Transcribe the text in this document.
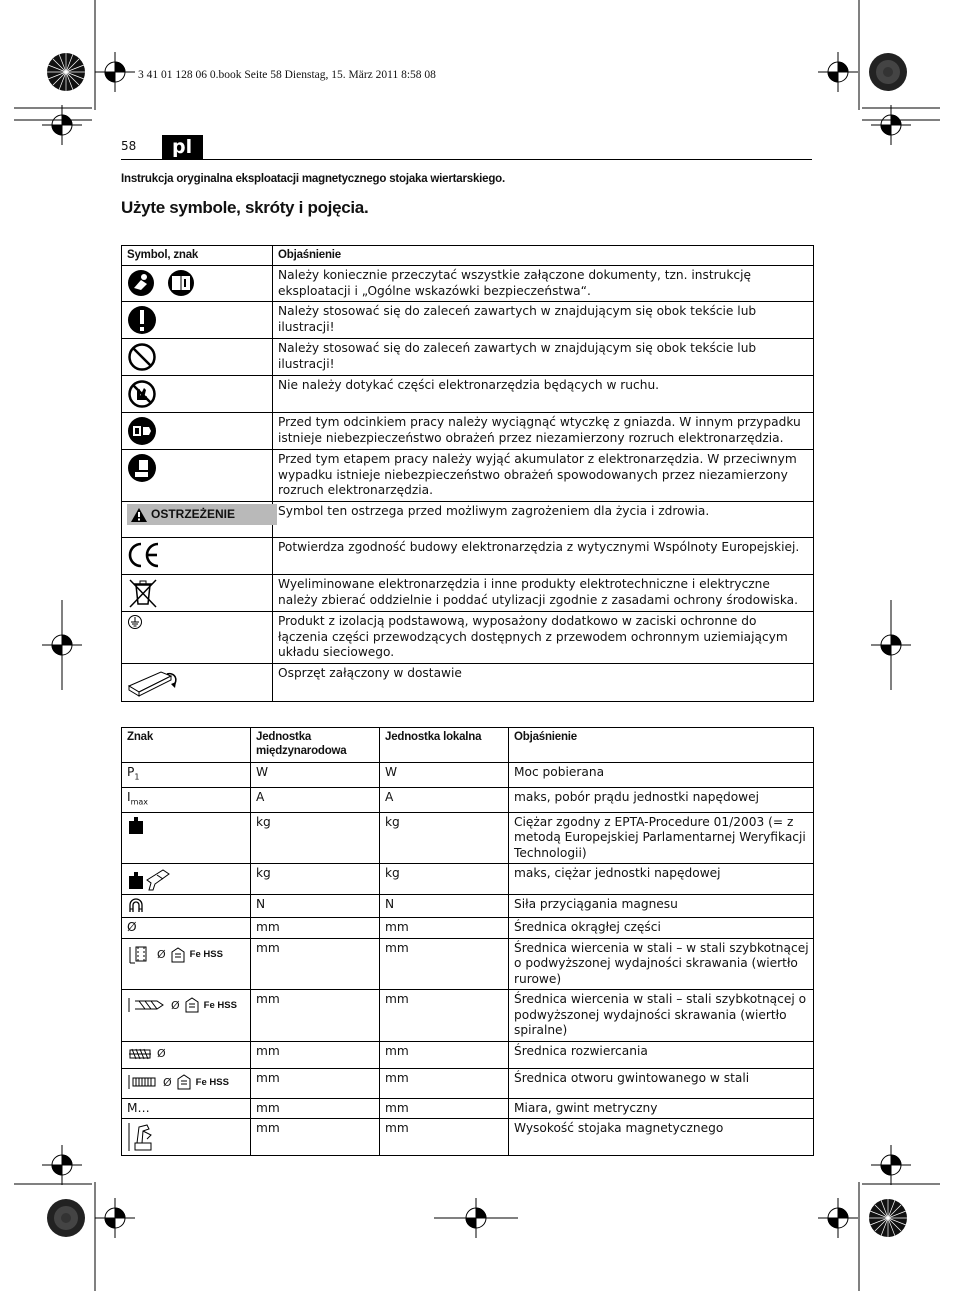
3 41 01 128 06 0.book Seite 58 Dienstag, 15. März 2011 8:58 08
58	pl
Instrukcja oryginalna eksploatacji magnetycznego stojaka wiertarskiego.
Użyte symbole, skróty i pojęcia.
Symbol, znak	Objaśnienie

	Należy koniecznie przeczytać wszystkie załączone dokumenty, tzn. instrukcję eksploatacji i „Ogólne wskazówki bezpieczeństwa“.

	Należy stosować się do zaleceń zawartych w znajdującym się obok tekście lub ilustracji!

	Należy stosować się do zaleceń zawartych w znajdującym się obok tekście lub ilustracji!

	Nie należy dotykać części elektronarzędzia będących w ruchu.

	Przed tym odcinkiem pracy należy wyciągnąć wtyczkę z gniazda. W innym przypadku istnieje niebezpieczeństwo obrażeń przez niezamierzony rozruch elektronarzędzia.

	Przed tym etapem pracy należy wyjąć akumulator z elektronarzędzia. W przeciwnym wypadku istnieje niebezpieczeństwo obrażeń spowodowanych przez niezamierzony rozruch elektronarzędzia.

OSTRZEŻENIE	Symbol ten ostrzega przed możliwym zagrożeniem dla życia i zdrowia.

	Potwierdza zgodność budowy elektronarzędzia z wytycznymi Wspólnoty Europejskiej.

	Wyeliminowane elektronarzędzia i inne produkty elektrotechniczne i elektryczne należy zbierać oddzielnie i poddać utylizacji zgodnie z zasadami ochrony środowiska.

	Produkt z izolacją podstawową, wyposażony dodatkowo w zaciski ochronne do łączenia części przewodzących dostępnych z przewodem ochronnym uziemiającym układu sieciowego.

	Osprzęt załączony w dostawie
Znak	Jednostka międzynarodowa	Jednostka lokalna	Objaśnienie
$P_1$	W	W	Moc pobierana
$I_{max}$	A	A	maks, pobór prądu jednostki napędowej

	kg	kg	Ciężar zgodny z EPTA-Procedure 01/2003 (= z metodą Europejskiej Parlamentarnej Weryfikacji Technologii)

	kg	kg	maks, ciężar jednostki napędowej

	N	N	Siła przyciągania magnesu
Ø	mm	mm	Średnica okrągłej części

Ø Fe HSS	mm	mm	Średnica wiercenia w stali – w stali szybkotnącej o podwyższonej wydajności skrawania (wiertło rurowe)

Ø Fe HSS	mm	mm	Średnica wiercenia w stali – stali szybkotnącej o podwyższonej wydajności skrawania (wiertło spiralne)

Ø	mm	mm	Średnica rozwiercania

Ø Fe HSS	mm	mm	Średnica otworu gwintowanego w stali
M…	mm	mm	Miara, gwint metryczny

	mm	mm	Wysokość stojaka magnetycznego
